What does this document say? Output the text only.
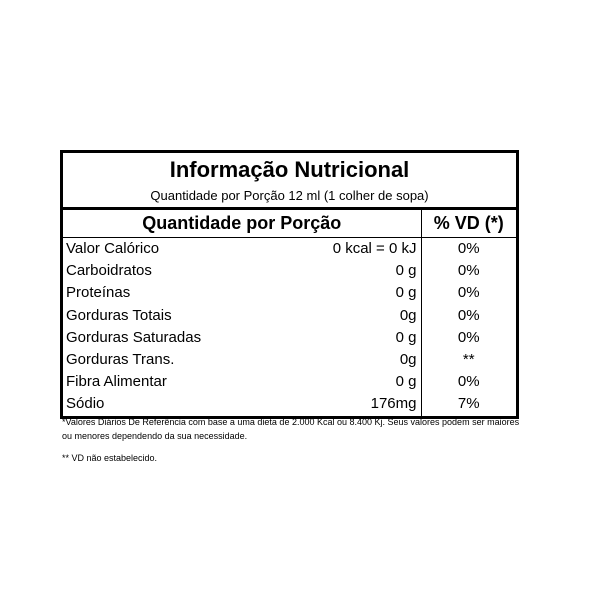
Informação Nutricional
Quantidade por Porção 12 ml (1 colher de sopa)
Quantidade por Porção		% VD (*)
Valor Calórico	0 kcal = 0 kJ	0%
Carboidratos	0 g	0%
Proteínas	0 g	0%
Gorduras Totais	0g	0%
Gorduras Saturadas	0 g	0%
Gorduras Trans.	0g	**
Fibra Alimentar	0 g	0%
Sódio	176mg	7%
*Valores Diários De Referência com base a uma dieta de 2.000 Kcal ou 8.400 Kj. Seus valores podem ser maiores ou menores dependendo da sua necessidade.
** VD não estabelecido.
